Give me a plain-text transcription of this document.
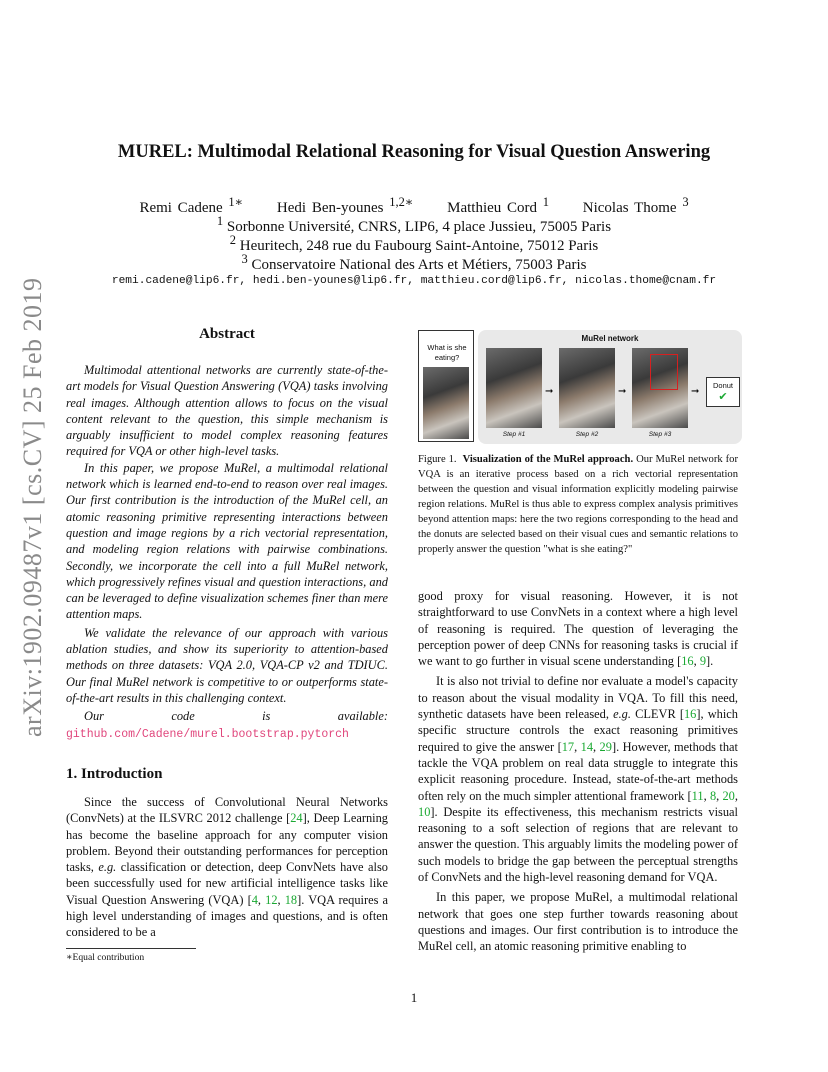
arXiv:1902.09487v1 [cs.CV] 25 Feb 2019
MUREL: Multimodal Relational Reasoning for Visual Question Answering
Remi Cadene $^{1∗}$ Hedi Ben-younes $^{1,2∗}$ Matthieu Cord $^1$ Nicolas Thome $^3$
$^1$ Sorbonne Université, CNRS, LIP6, 4 place Jussieu, 75005 Paris
$^2$ Heuritech, 248 rue du Faubourg Saint-Antoine, 75012 Paris
$^3$ Conservatoire National des Arts et Métiers, 75003 Paris
remi.cadene@lip6.fr, hedi.ben-younes@lip6.fr, matthieu.cord@lip6.fr, nicolas.thome@cnam.fr
Abstract

Multimodal attentional networks are currently state-of-the-art models for Visual Question Answering (VQA) tasks involving real images. Although attention allows to focus on the visual content relevant to the question, this simple mechanism is arguably insufficient to model complex reasoning features required for VQA or other high-level tasks.

In this paper, we propose MuRel, a multimodal relational network which is learned end-to-end to reason over real images. Our first contribution is the introduction of the MuRel cell, an atomic reasoning primitive representing interactions between question and image regions by a rich vectorial representation, and modeling region relations with pairwise combinations. Secondly, we incorporate the cell into a full MuRel network, which progressively refines visual and question interactions, and can be leveraged to define visualization schemes finer than mere attention maps.

We validate the relevance of our approach with various ablation studies, and show its superiority to attention-based methods on three datasets: VQA 2.0, VQA-CP v2 and TDIUC. Our final MuRel network is competitive to or outperforms state-of-the-art results in this challenging context.

Our code is available: github.com/Cadene/murel.bootstrap.pytorch

1. Introduction

Since the success of Convolutional Neural Networks (ConvNets) at the ILSVRC 2012 challenge [24], Deep Learning has become the baseline approach for any computer vision problem. Beyond their outstanding performances for perception tasks, e.g. classification or detection, deep ConvNets have also been successfully used for new artificial intelligence tasks like Visual Question Answering (VQA) [4, 12, 18]. VQA requires a high level understanding of images and questions, and is often considered to be a

∗Equal contribution
What is she eating?
MuRel network
➞	➞	➞
Step #1	Step #2	Step #3
Donut
✔
Figure 1. Visualization of the MuRel approach. Our MuRel network for VQA is an iterative process based on a rich vectorial representation between the question and visual information explicitly modeling pairwise region relations. MuRel is thus able to express complex analysis primitives beyond attention maps: here the two regions corresponding to the head and the donuts are selected based on their visual cues and semantic relations to properly answer the question "what is she eating?"

good proxy for visual reasoning. However, it is not straightforward to use ConvNets in a context where a high level of reasoning is required. The question of leveraging the perception power of deep CNNs for reasoning tasks is crucial if we want to go further in visual scene understanding [16, 9].

It is also not trivial to define nor evaluate a model's capacity to reason about the visual modality in VQA. To fill this need, synthetic datasets have been released, e.g. CLEVR [16], which specific structure controls the exact reasoning primitives required to give the answer [17, 14, 29]. However, methods that tackle the VQA problem on real data struggle to integrate this explicit reasoning procedure. Instead, state-of-the-art methods often rely on the much simpler attentional framework [11, 8, 20, 10]. Despite its effectiveness, this mechanism restricts visual reasoning to a soft selection of regions that are relevant to answer the question. This arguably limits the modeling power of such models to bridge the gap between the perceptual strengths of ConvNets and the high-level reasoning demand for VQA.

In this paper, we propose MuRel, a multimodal relational network that goes one step further towards reasoning about questions and images. Our first contribution is to introduce the MuRel cell, an atomic reasoning primitive enabling to

1
